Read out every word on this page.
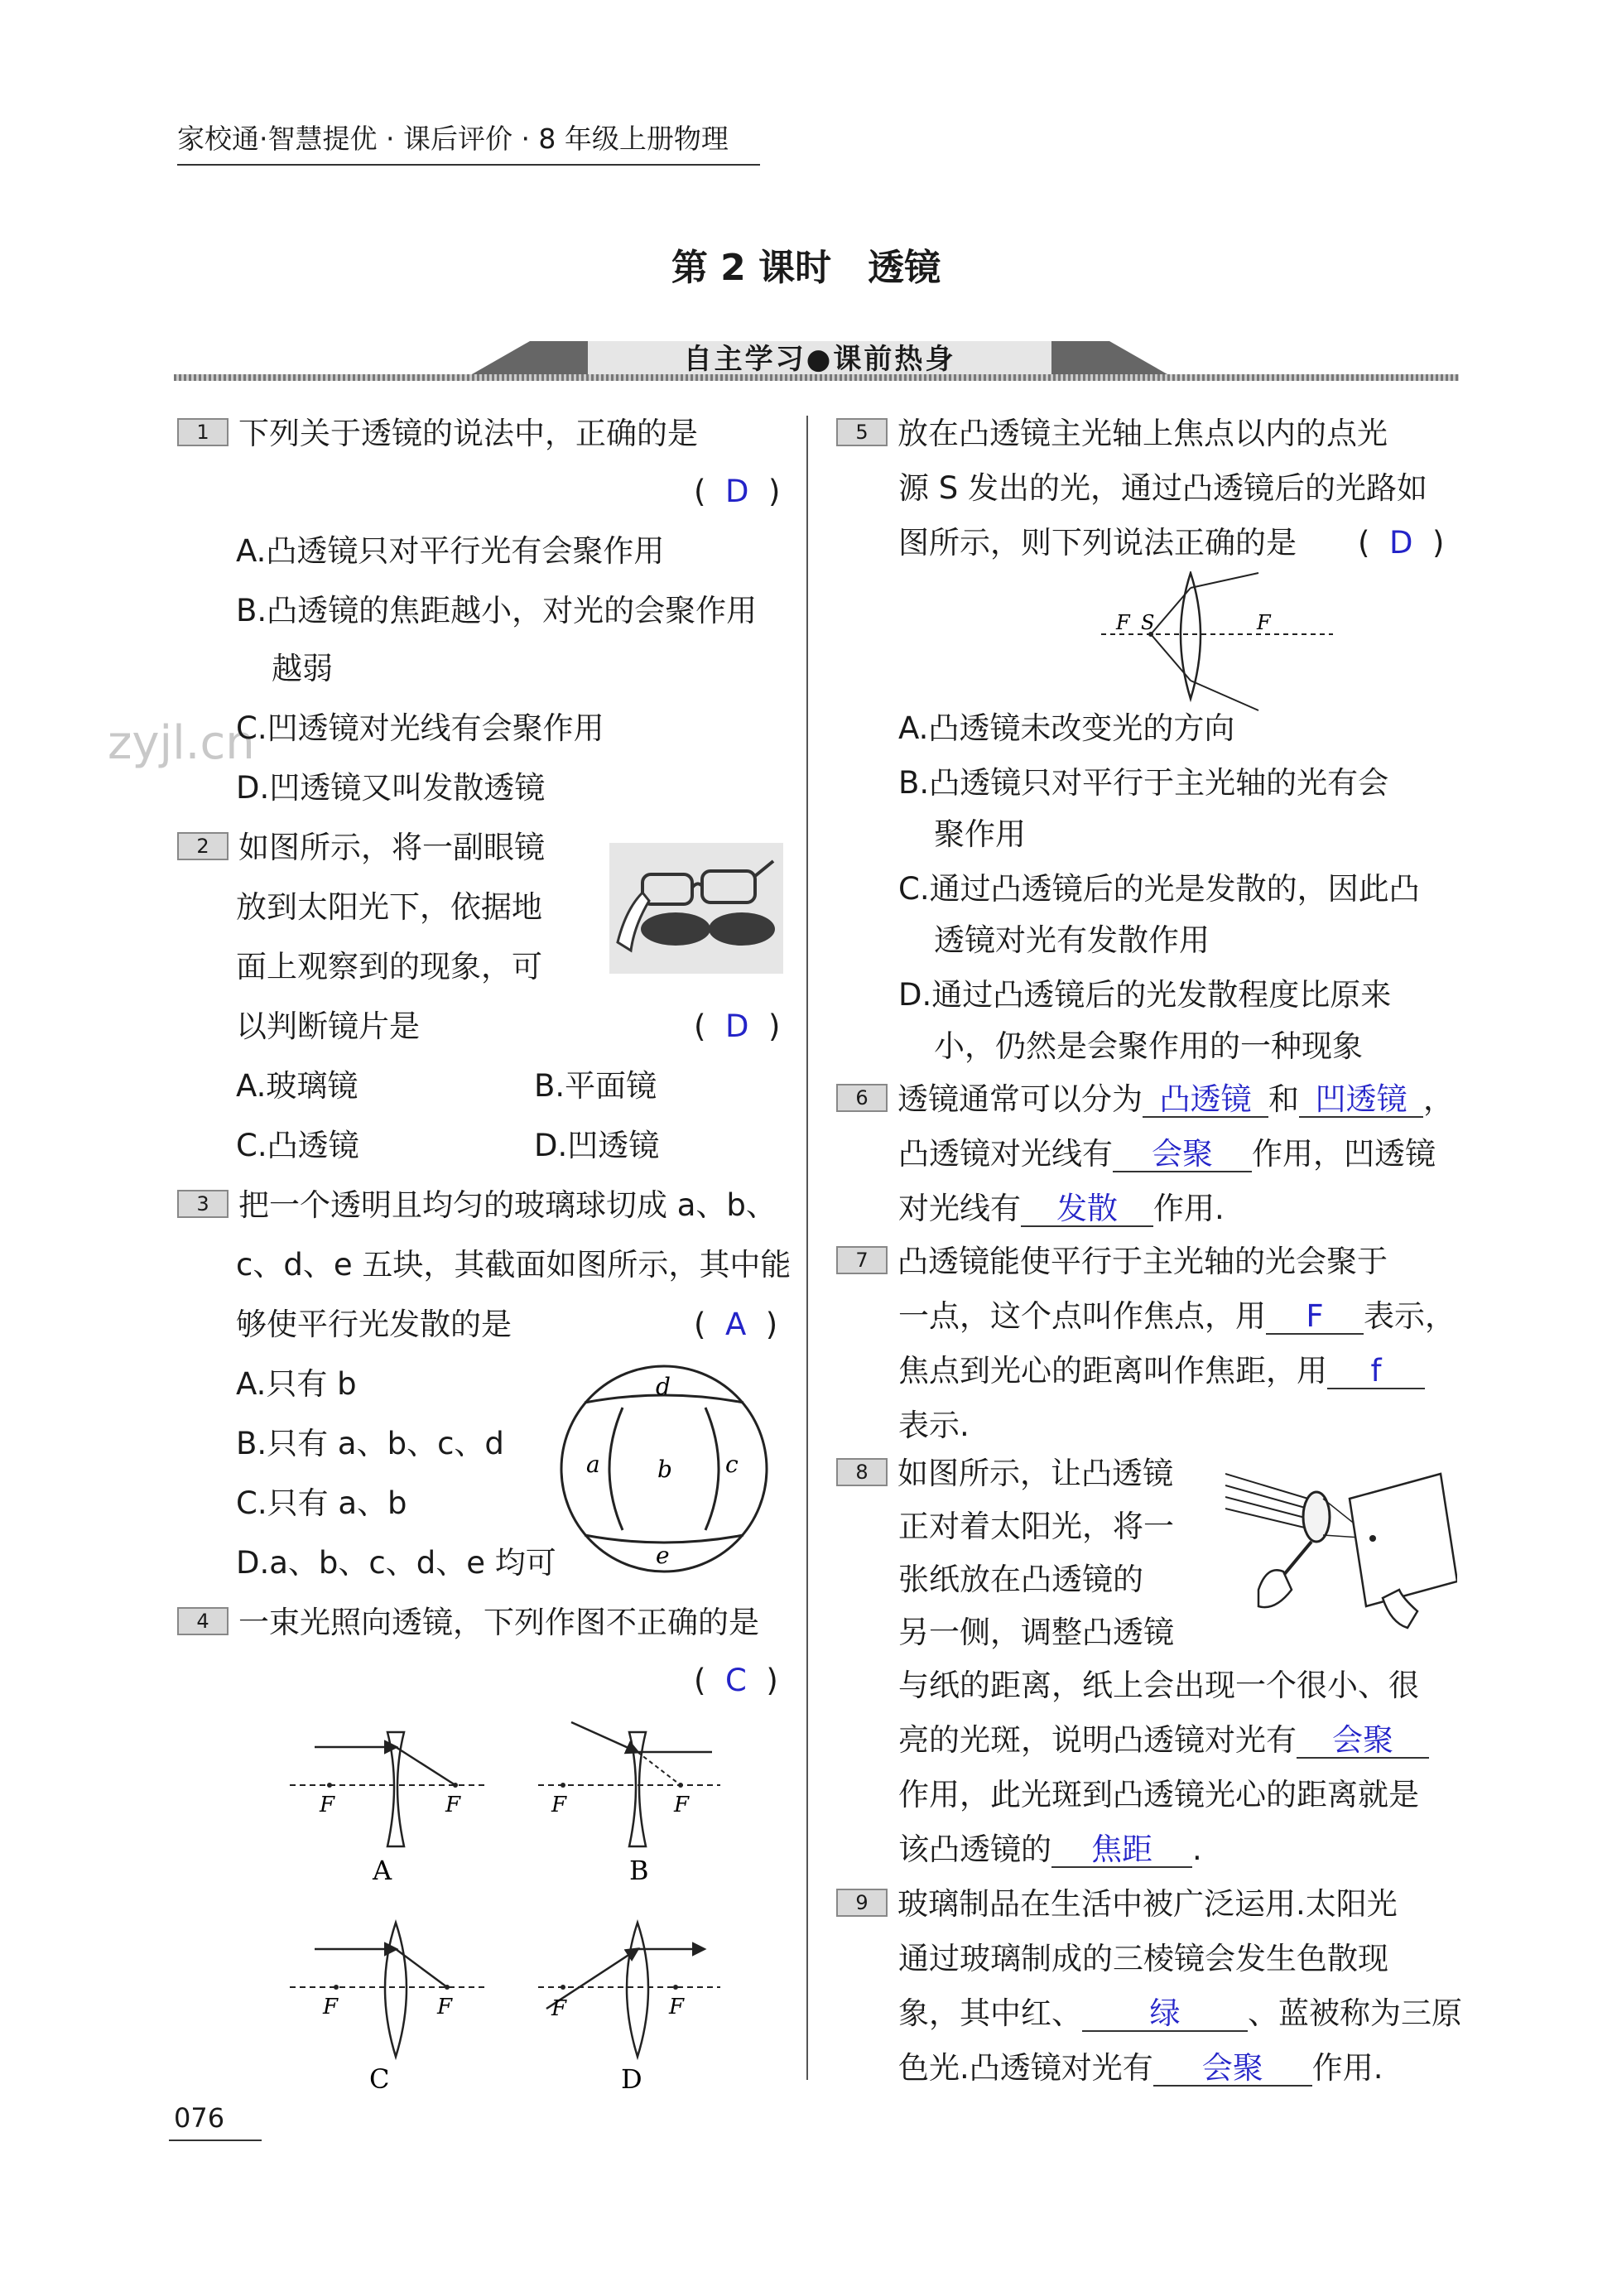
家校通·智慧提优 · 课后评价 · 8 年级上册物理
第 2 课时　透镜
自主学习●课前热身
zyjl.cn
1 下列关于透镜的说法中，正确的是
(  D  )
A.凸透镜只对平行光有会聚作用
B.凸透镜的焦距越小，对光的会聚作用
越弱
C.凹透镜对光线有会聚作用
D.凹透镜又叫发散透镜
2 如图所示，将一副眼镜
放到太阳光下，依据地
面上观察到的现象，可
以判断镜片是	(  D  )
A.玻璃镜	B.平面镜
C.凸透镜	D.凹透镜
3 把一个透明且均匀的玻璃球切成 a、b、
c、d、e 五块，其截面如图所示，其中能
够使平行光发散的是	(  A  )
A.只有 b
B.只有 a、b、c、d
C.只有 a、b
D.a、b、c、d、e 均可
d
a b c
e
4 一束光照向透镜，下列作图不正确的是
(  C  )
F	F
A
F	F
B
F	F
C
F	F
D
5 放在凸透镜主光轴上焦点以内的点光
源 S 发出的光，通过凸透镜后的光路如
图所示，则下列说法正确的是 (  D  )
F S	F
A.凸透镜未改变光的方向
B.凸透镜只对平行于主光轴的光有会
聚作用
C.通过凸透镜后的光是发散的，因此凸
透镜对光有发散作用
D.通过凸透镜后的光发散程度比原来
小，仍然是会聚作用的一种现象
6 透镜通常可以分为 凸透镜 和 凹透镜 ，
凸透镜对光线有 会聚 作用，凹透镜
对光线有 发散 作用.
7 凸透镜能使平行于主光轴的光会聚于
一点，这个点叫作焦点，用 F 表示，
焦点到光心的距离叫作焦距，用 f
表示.
8 如图所示，让凸透镜
正对着太阳光，将一
张纸放在凸透镜的
另一侧，调整凸透镜
与纸的距离，纸上会出现一个很小、很
亮的光斑，说明凸透镜对光有 会聚
作用，此光斑到凸透镜光心的距离就是
该凸透镜的 焦距 .
9 玻璃制品在生活中被广泛运用.太阳光
通过玻璃制成的三棱镜会发生色散现
象，其中红、 绿 、蓝被称为三原
色光.凸透镜对光有 会聚 作用.
076
